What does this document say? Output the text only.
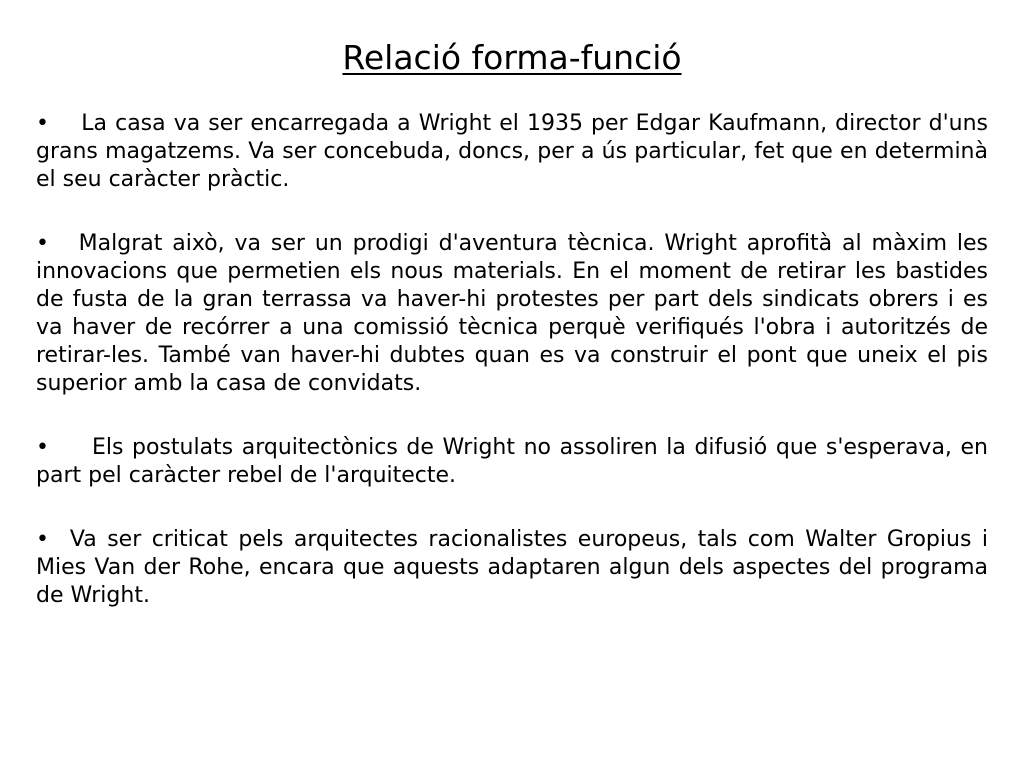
Relació forma-funció

• La casa va ser encarregada a Wright el 1935 per Edgar Kaufmann, director d'uns grans magatzems. Va ser concebuda, doncs, per a ús particular, fet que en determinà el seu caràcter pràctic.

• Malgrat això, va ser un prodigi d'aventura tècnica. Wright aprofità al màxim les innovacions que permetien els nous materials. En el moment de retirar les bastides de fusta de la gran terrassa va haver-hi protestes per part dels sindicats obrers i es va haver de recórrer a una comissió tècnica perquè verifiqués l'obra i autoritzés de retirar-les. També van haver-hi dubtes quan es va construir el pont que uneix el pis superior amb la casa de convidats.

• Els postulats arquitectònics de Wright no assoliren la difusió que s'esperava, en part pel caràcter rebel de l'arquitecte.

• Va ser criticat pels arquitectes racionalistes europeus, tals com Walter Gropius i Mies Van der Rohe, encara que aquests adaptaren algun dels aspectes del programa de Wright.
